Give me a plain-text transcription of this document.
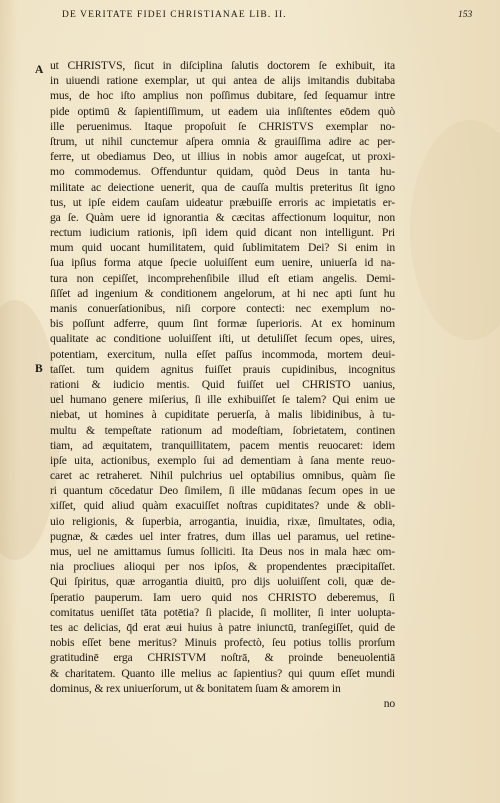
DE VERITATE FIDEI CHRISTIANAE LIB. II.	153
A
B
ut CHRISTVS, ſicut in diſciplina ſalutis doctorem ſe exhibuit, ita
in uiuendi ratione exemplar, ut qui antea de alijs imitandis dubitaba
mus, de hoc iſto amplius non poſſimus dubitare, ſed ſequamur intre
pide optimū & ſapientiſſimum, ut eadem uia inſiſtentes eōdem quò
ille peruenimus. Itaque propoſuit ſe CHRISTVS exemplar no-
ſtrum, ut nihil cunctemur aſpera omnia & grauiſſima adire ac per-
ferre, ut obediamus Deo, ut illius in nobis amor augeſcat, ut proxi-
mo commodemus. Offenduntur quidam, quòd Deus in tanta hu-
militate ac deiectione uenerit, qua de cauſſa multis preteritus ſit igno
tus, ut ipſe eidem cauſam uideatur præbuiſſe erroris ac impietatis er-
ga ſe. Quàm uere id ignorantia & cæcitas affectionum loquitur, non
rectum iudicium rationis, ipſi idem quid dicant non intelligunt. Pri
mum quid uocant humilitatem, quid ſublimitatem Dei? Si enim in
ſua ipſius forma atque ſpecie uoluiſſent eum uenire, uniuerſa id na-
tura non cepiſſet, incomprehenſibile illud eſt etiam angelis. Demi-
ſiſſet ad ingenium & conditionem angelorum, at hi nec apti ſunt hu
manis conuerſationibus, niſi corpore contecti: nec exemplum no-
bis poſſunt adferre, quum ſint formæ ſuperioris. At ex hominum
qualitate ac conditione uoluiſſent iſti, ut detuliſſet ſecum opes, uires,
potentiam, exercitum, nulla eſſet paſſus incommoda, mortem deui-
taſſet. tum quidem agnitus fuiſſet prauis cupidinibus, incognitus
rationi & iudicio mentis. Quid fuiſſet uel CHRISTO uanius,
uel humano genere miſerius, ſi ille exhibuiſſet ſe talem? Qui enim ue
niebat, ut homines à cupiditate peruerſa, à malis libidinibus, à tu-
multu & tempeſtate rationum ad modeſtiam, ſobrietatem, continen
tiam, ad æquitatem, tranquillitatem, pacem mentis reuocaret: idem
ipſe uita, actionibus, exemplo ſui ad dementiam à ſana mente reuo-
caret ac retraheret. Nihil pulchrius uel optabilius omnibus, quàm ſie
ri quantum cōcedatur Deo ſimilem, ſi ille mūdanas ſecum opes in ue
xiſſet, quid aliud quàm exacuiſſet noſtras cupiditates? unde & obli-
uio religionis, & ſuperbia, arrogantia, inuidia, rixæ, ſimultates, odia,
pugnæ, & cædes uel inter fratres, dum illas uel paramus, uel retine-
mus, uel ne amittamus ſumus ſolliciti. Ita Deus nos in mala hæc om-
nia procliues alioqui per nos ipſos, & propendentes præcipitaſſet.
Qui ſpiritus, quæ arrogantia diuitū, pro dijs uoluiſſent coli, quæ de-
ſperatio pauperum. Iam uero quid nos CHRISTO deberemus, ſi
comitatus ueniſſet tāta potētia? ſi placide, ſi molliter, ſi inter uolupta-
tes ac delicias, q̄d erat æui huius à patre iniunctū, tranſegiſſet, quid de
nobis eſſet bene meritus? Minuis profectò, ſeu potius tollis prorſum
gratitudinē erga CHRISTVM noſtrā, & proinde beneuolentiā
& charitatem. Quanto ille melius ac ſapientius? qui quum eſſet mundi
dominus, & rex uniuerſorum, ut & bonitatem ſuam & amorem in
no
